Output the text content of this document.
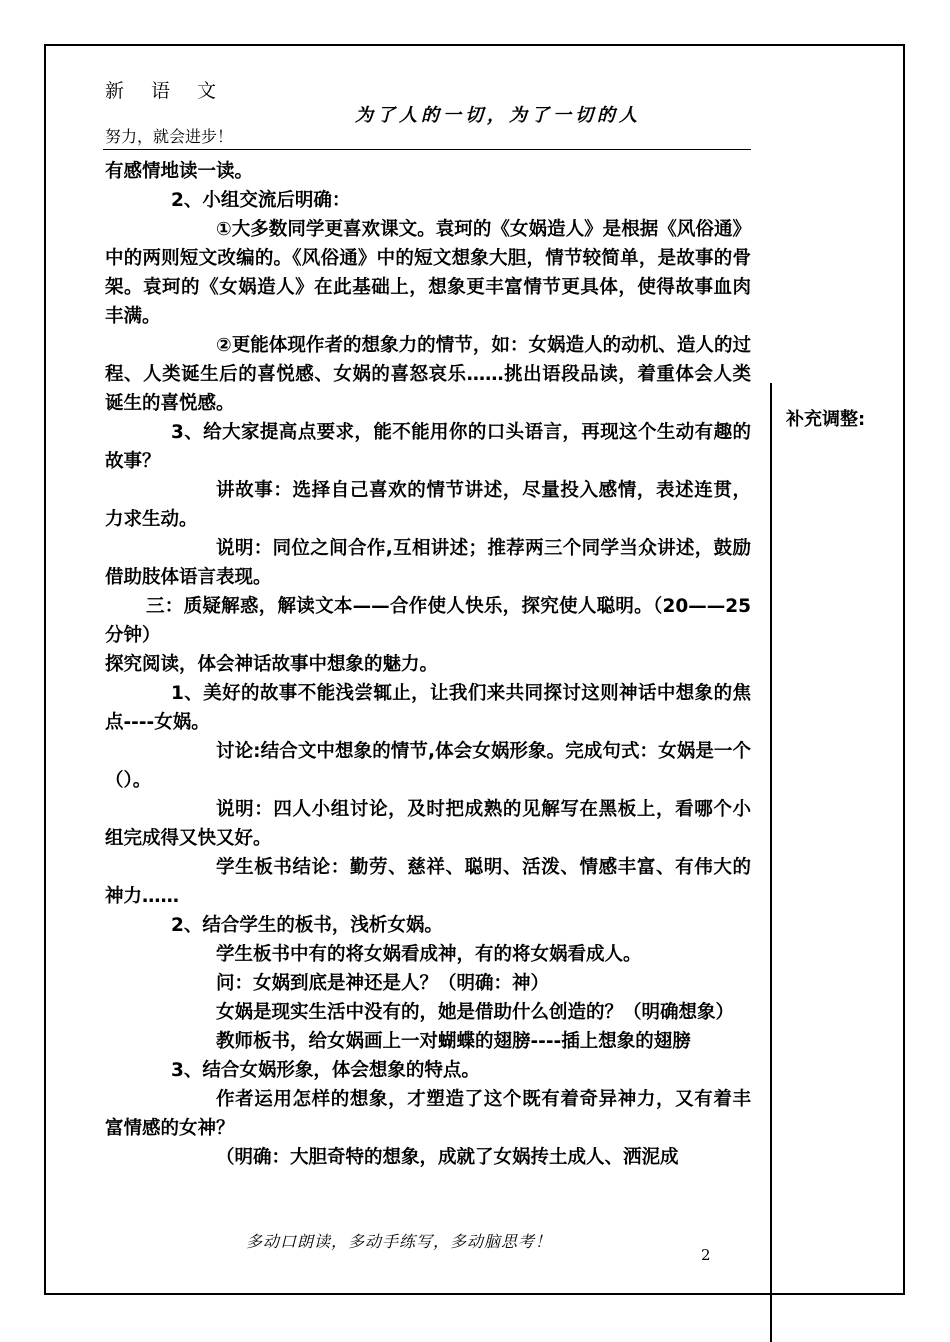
新语文
努力，就会进步！
为了人的一切，为了一切的人

有感情地读一读。

2、小组交流后明确：

①大多数同学更喜欢课文。袁珂的《女娲造人》是根据《风俗通》中的两则短文改编的。《风俗通》中的短文想象大胆，情节较简单，是故事的骨架。袁珂的《女娲造人》在此基础上，想象更丰富情节更具体，使得故事血肉丰满。

②更能体现作者的想象力的情节，如：女娲造人的动机、造人的过程、人类诞生后的喜悦感、女娲的喜怒哀乐……挑出语段品读，着重体会人类诞生的喜悦感。

3、给大家提高点要求，能不能用你的口头语言，再现这个生动有趣的故事？

讲故事：选择自己喜欢的情节讲述，尽量投入感情，表述连贯，力求生动。

说明：同位之间合作,互相讲述；推荐两三个同学当众讲述，鼓励借助肢体语言表现。

三：质疑解惑，解读文本——合作使人快乐，探究使人聪明。（20——25分钟）

探究阅读，体会神话故事中想象的魅力。

1、美好的故事不能浅尝辄止，让我们来共同探讨这则神话中想象的焦点----女娲。

讨论:结合文中想象的情节,体会女娲形象。完成句式：女娲是一个（）。

说明：四人小组讨论，及时把成熟的见解写在黑板上，看哪个小组完成得又快又好。

学生板书结论：勤劳、慈祥、聪明、活泼、情感丰富、有伟大的神力……

2、结合学生的板书，浅析女娲。

学生板书中有的将女娲看成神，有的将女娲看成人。

问：女娲到底是神还是人？（明确：神）

女娲是现实生活中没有的，她是借助什么创造的？（明确想象）

教师板书，给女娲画上一对蝴蝶的翅膀----插上想象的翅膀

3、结合女娲形象，体会想象的特点。

作者运用怎样的想象，才塑造了这个既有着奇异神力，又有着丰富情感的女神？

（明确：大胆奇特的想象，成就了女娲抟土成人、洒泥成

补充调整:
多动口朗读，多动手练写，多动脑思考！
2
